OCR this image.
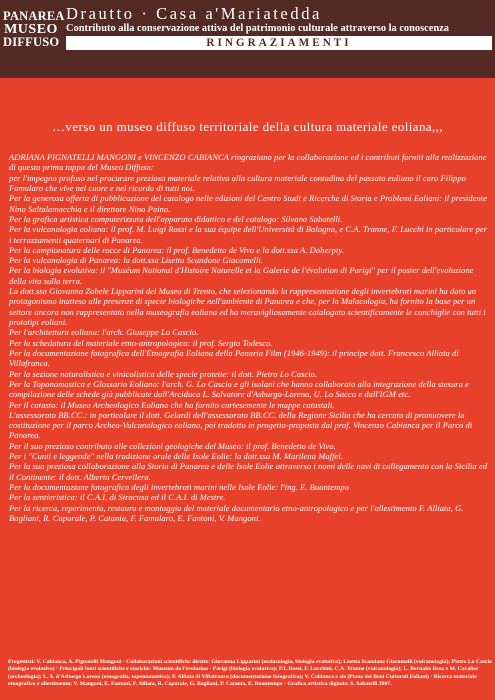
PANAREA
MUSEO
DIFFUSO
Drautto · Casa a'Mariatedda
Contributo alla conservazione attiva del patrimonio culturale attraverso la conoscenza
RINGRAZIAMENTI
…verso un museo diffuso territoriale della cultura materiale eoliana,,,
ADRIANA PIGNATELLI MANGONI e VINCENZO CABIANCA ringraziano per la collaborazione ed i contributi forniti alla realizzazione di questa prima tappa del Museo Diffuso:
per l'impegno profuso nel procurare prezioso materiale relativo alla cultura materiale contadina del passato eoliano il caro Filippo Famularo che vive nel cuore e nel ricordo di tutti noi.
Per la generosa offerta di pubblicazione del catalogo nelle edizioni del Centro Studi e Ricerche di Storia e Problemi Eoliani: il presidente Nino Saltalamacchia e il direttore Nino Paino.
Per la grafica artistica computerizzata dell'apparato didattico e del catalogo: Silvana Sabatelli.
Per la vulcanologia eoliana: il prof. M. Luigi Rossi e la sua équipe dell'Università di Bologna, e C.A. Tranne, F. Lucchi in particolare per i terrazzamenti quaternari di Panarea.
Per la campionatura delle rocce di Panarea: il prof. Benedetto de Vivo e la dott.ssa A. Doherpty.
Per la vulcanologia di Panarea: la dott.ssa Lisetta Scandone Giacomelli.
Per la biologia evolutiva: il "Muséum National d'Histoire Naturelle et la Galerie de l'évolution di Parigi" per il poster dell'evoluzione della vita sulla terra.
La dott.ssa Giovanna Zobele Lipparini del Museo di Trento, che selezionando la rappresentazione degli invertebrati marini ha dato un protagonismo inatteso alle presenze di specie biologiche nell'ambiente di Panarea e che, per la Malacologia, ha fornito la base per un settore ancora non rappresentato nella museografia eoliana ed ha meravigliosamente catalogato scientificamente le conchiglie con tutti i prototipi eoliani.
Per l'architettura eoliana: l'arch. Giuseppe Lo Cascio.
Per la schedatura del materiale etno-antropologico: il prof. Sergio Todesco.
Per la documentazione fotografica dell'Etnografia Eoliana della Panaria Film (1946-1949): il principe dott. Francesco Alliata di Villafranca.
Per la sezione naturalistica e vinicolistica delle specie protette: il dott. Pietro Lo Cascio.
Per la Toponomastica e Glossario Eoliano: l'arch. G. Lo Cascio e gli isolani che hanno collaborato alla integrazione della stesura e compilazione delle schede già pubblicate dall'Arciduca L. Salvatore d'Asburgo-Lorena, U. Lo Sacco e dall'IGM etc.
Per il catasto: il Museo Archeologico Eoliano che ha fornito cortesemente le mappe catastali.
L'assessorato BB.CC.: in particolare il dott. Gelardi dell'assessorato BB.CC. della Regione Sicilia che ha cercato di promuovere la costituzione per il parco Archeo-Vulcanologico eoliano, poi tradotto in progetto-proposta dal prof. Vincenzo Cabianca per il Parco di Panarea.
Per il suo prezioso contributo alle collezioni geologiche del Museo: il prof. Benedetto de Vivo.
Per i "Cunti e leggende" nella tradizione orale delle Isole Eolie: la dott.ssa M. Marilena Maffei.
Per la sua preziosa collaborazione alla Storia di Panarea e delle Isole Eolie attraverso i nomi delle navi di collegamento con la Sicilia ed il Continente: il dott. Alberto Cervellera.
Per la documentazione fotografica degli invertebrati marini nelle Isole Eolie: l'ing. E. Buontempo
Per la sentieristica: il C.A.I. di Siracusa ed il C.A.I. di Mestre.
Per la ricerca, reperimento, restauro e montaggio del materiale documentario etno-antropologico e per l'allestimento F. Alliata, G. Bagliani, R. Caporale, P. Catania, F. Famularo, E. Fantoni, V. Mangoni.
Progettisti: V. Cabianca, A. Pignatelli Mangoni · Collaborazioni scientifiche dirette: Giovanna Lipparini (malacologia, biologia evolutiva); Lisetta Scandone Giacomelli (vulcanologia); Pietro Lo Cascio (biologia evolutiva) · Principali fonti scientifiche e storiche: Museum de l'évolution - Parigi (biologia evolutiva); P.L.Rossi, F. Lucchini, C.A. Tranne (vulcanologia); L. Bernabò Brea e M. Cavalier (archeologia); L. S. d'Asburgo Lorena (etnografia, toponomastica); F. Alliata di Villafranca (documentazione fotografica); V. Cabianca e als (Piano dei Beni Culturali Eoliani) · Ricerca materiale etnografico e allestimento: V. Mangoni, E. Fantoni, F. Alliata, R. Caporale, G. Bagliani, P. Catania, E. Buontempo · Grafica artistica digitale: S. Sabatelli 2007.
